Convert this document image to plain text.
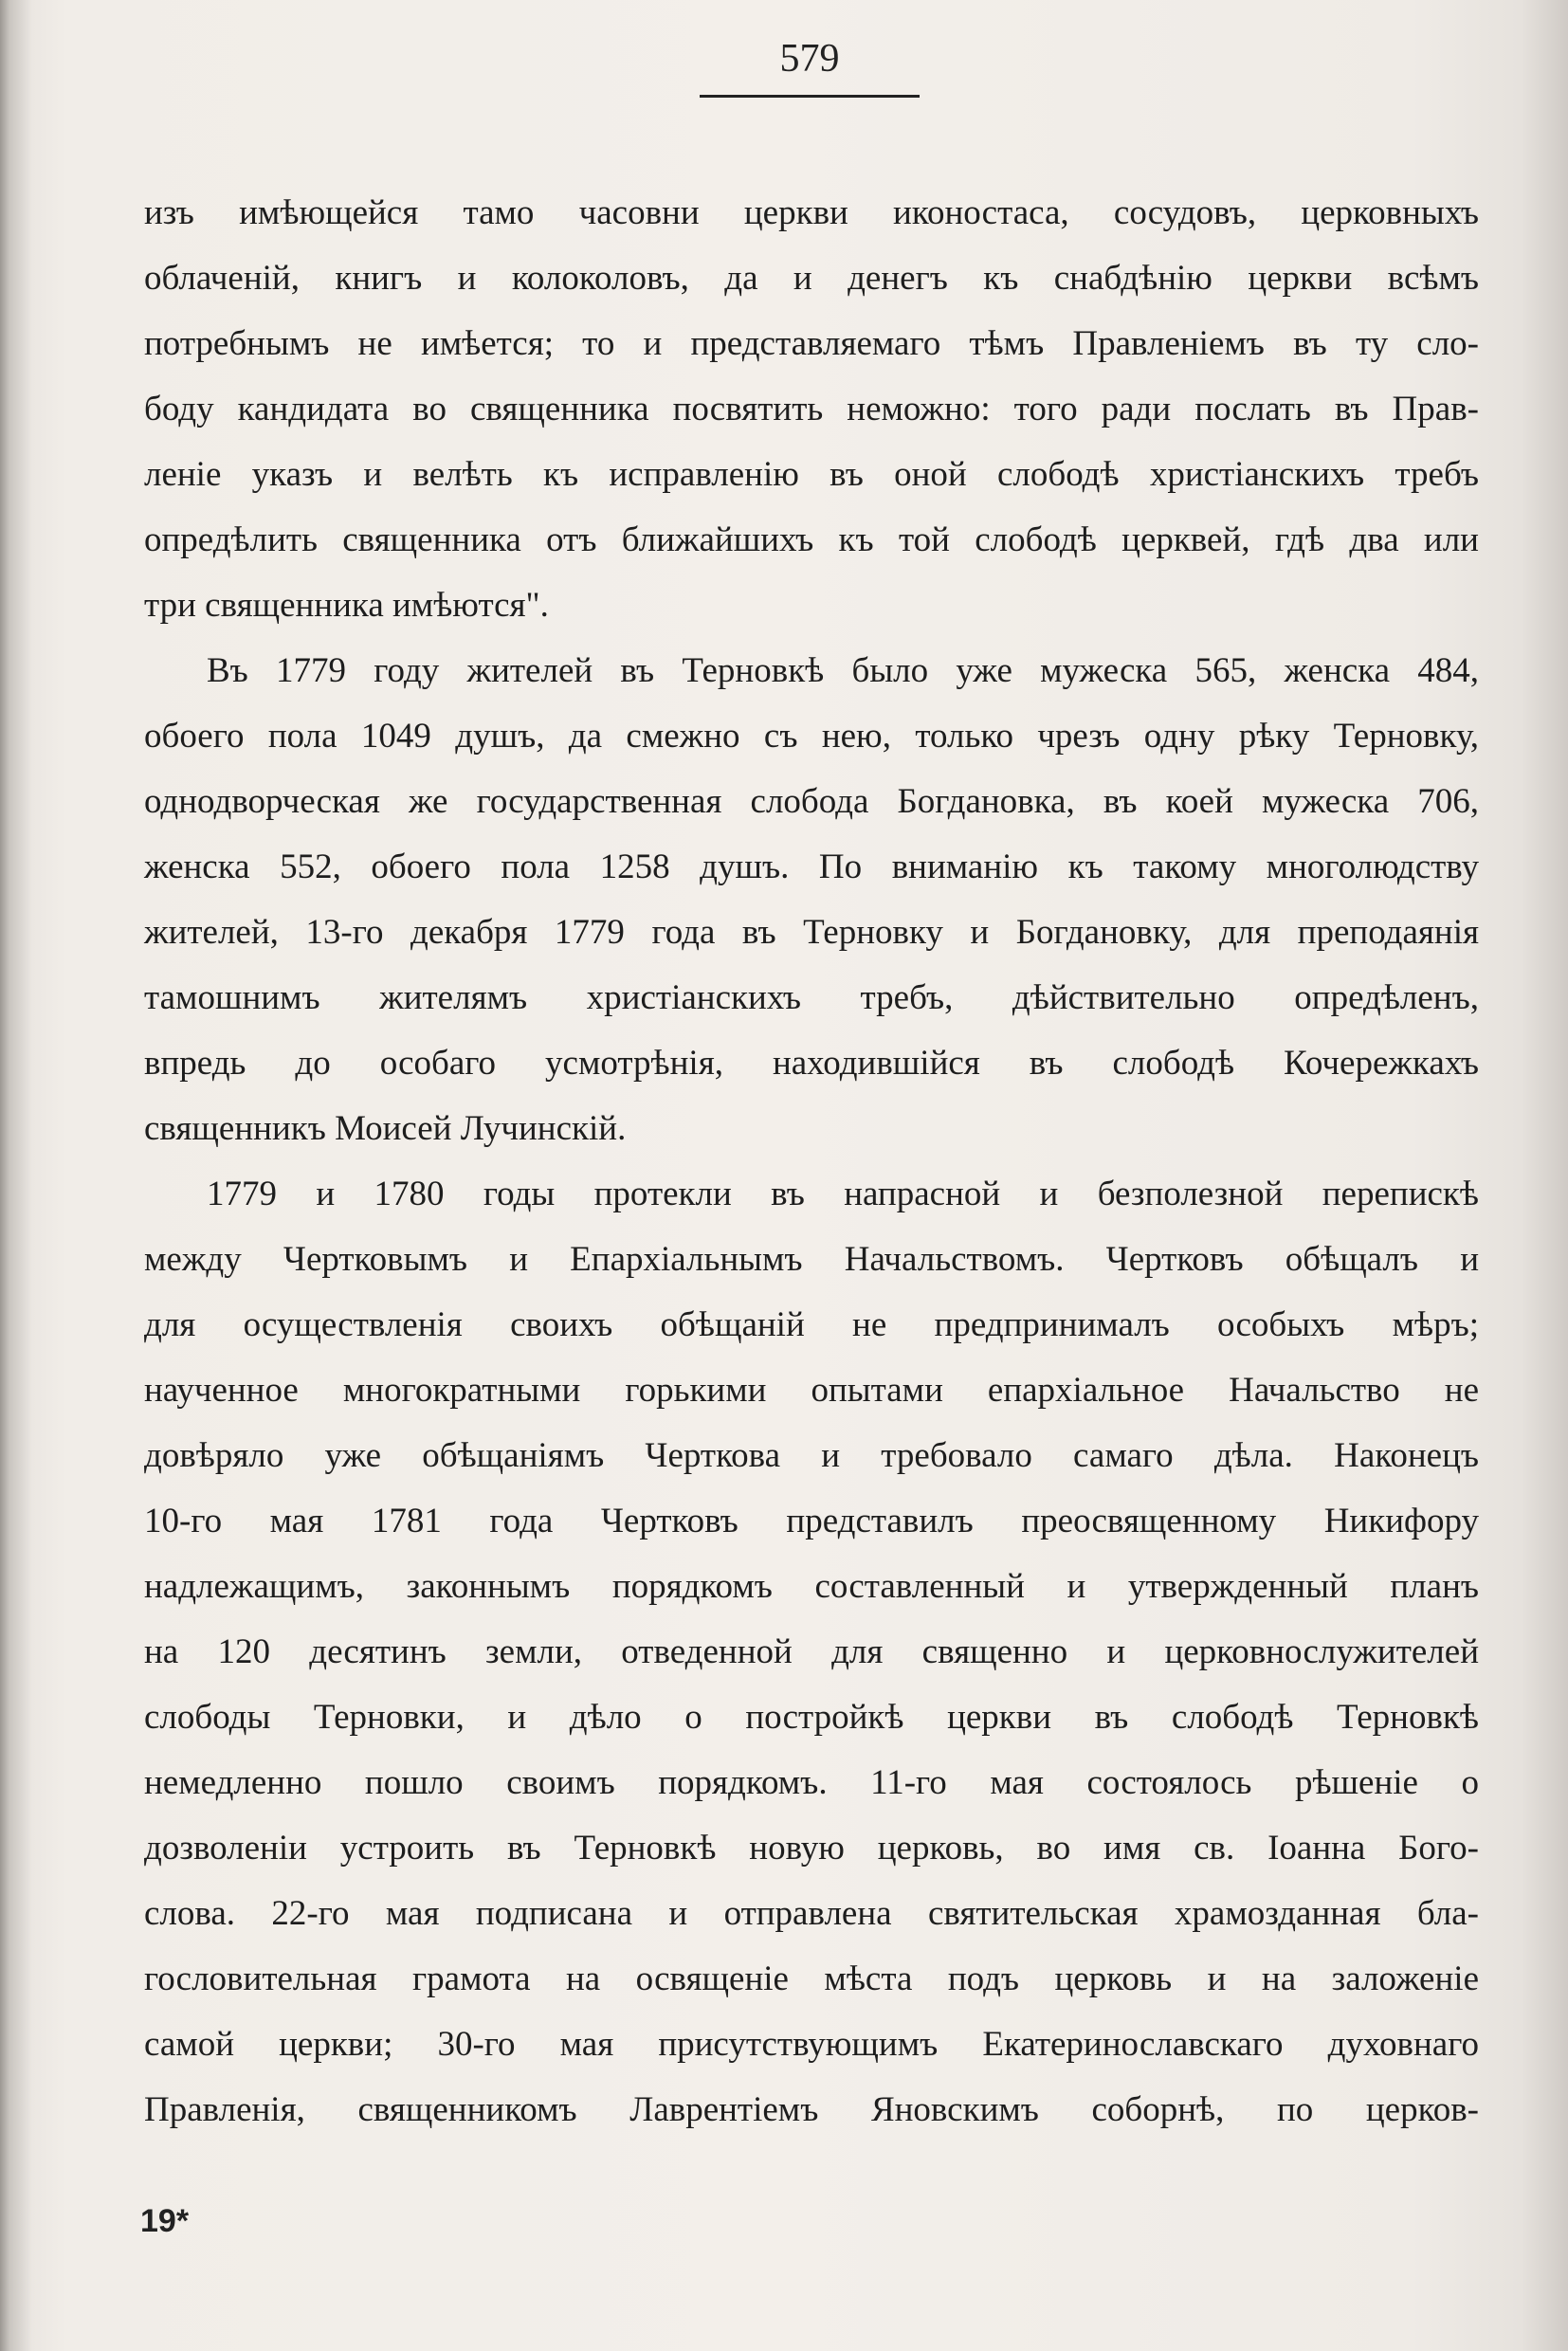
579
изъ имѣющейся тамо часовни церкви иконостаса, сосудовъ, церковныхъ
облаченій, книгъ и колоколовъ, да и денегъ къ снабдѣнію церкви всѣмъ
потребнымъ не имѣется; то и представляемаго тѣмъ Правленіемъ въ ту сло-
боду кандидата во священника посвятить неможно: того ради послать въ Прав-
леніе указъ и велѣть къ исправленію въ оной слободѣ христіанскихъ требъ
опредѣлить священника отъ ближайшихъ къ той слободѣ церквей, гдѣ два или
три священника имѣются".
Въ 1779 году жителей въ Терновкѣ было уже мужеска 565, женска 484,
обоего пола 1049 душъ, да смежно съ нею, только чрезъ одну рѣку Терновку,
однодворческая же государственная слобода Богдановка, въ коей мужеска 706,
женска 552, обоего пола 1258 душъ. По вниманію къ такому многолюдству
жителей, 13-го декабря 1779 года въ Терновку и Богдановку, для преподаянія
тамошнимъ жителямъ христіанскихъ требъ, дѣйствительно опредѣленъ,
впредь до особаго усмотрѣнія, находившійся въ слободѣ Кочережкахъ
священникъ Моисей Лучинскій.
1779 и 1780 годы протекли въ напрасной и безполезной перепискѣ
между Чертковымъ и Епархіальнымъ Начальствомъ. Чертковъ обѣщалъ и
для осуществленія своихъ обѣщаній не предпринималъ особыхъ мѣръ;
наученное многократными горькими опытами епархіальное Начальство не
довѣряло уже обѣщаніямъ Черткова и требовало самаго дѣла. Наконецъ
10-го мая 1781 года Чертковъ представилъ преосвященному Никифору
надлежащимъ, законнымъ порядкомъ составленный и утвержденный планъ
на 120 десятинъ земли, отведенной для священно и церковнослужителей
слободы Терновки, и дѣло о постройкѣ церкви въ слободѣ Терновкѣ
немедленно пошло своимъ порядкомъ. 11-го мая состоялось рѣшеніе о
дозволеніи устроить въ Терновкѣ новую церковь, во имя св. Іоанна Бого-
слова. 22-го мая подписана и отправлена святительская храмозданная бла-
гословительная грамота на освященіе мѣста подъ церковь и на заложеніе
самой церкви; 30-го мая присутствующимъ Екатеринославскаго духовнаго
Правленія, священникомъ Лаврентіемъ Яновскимъ соборнѣ, по церков-
19*
